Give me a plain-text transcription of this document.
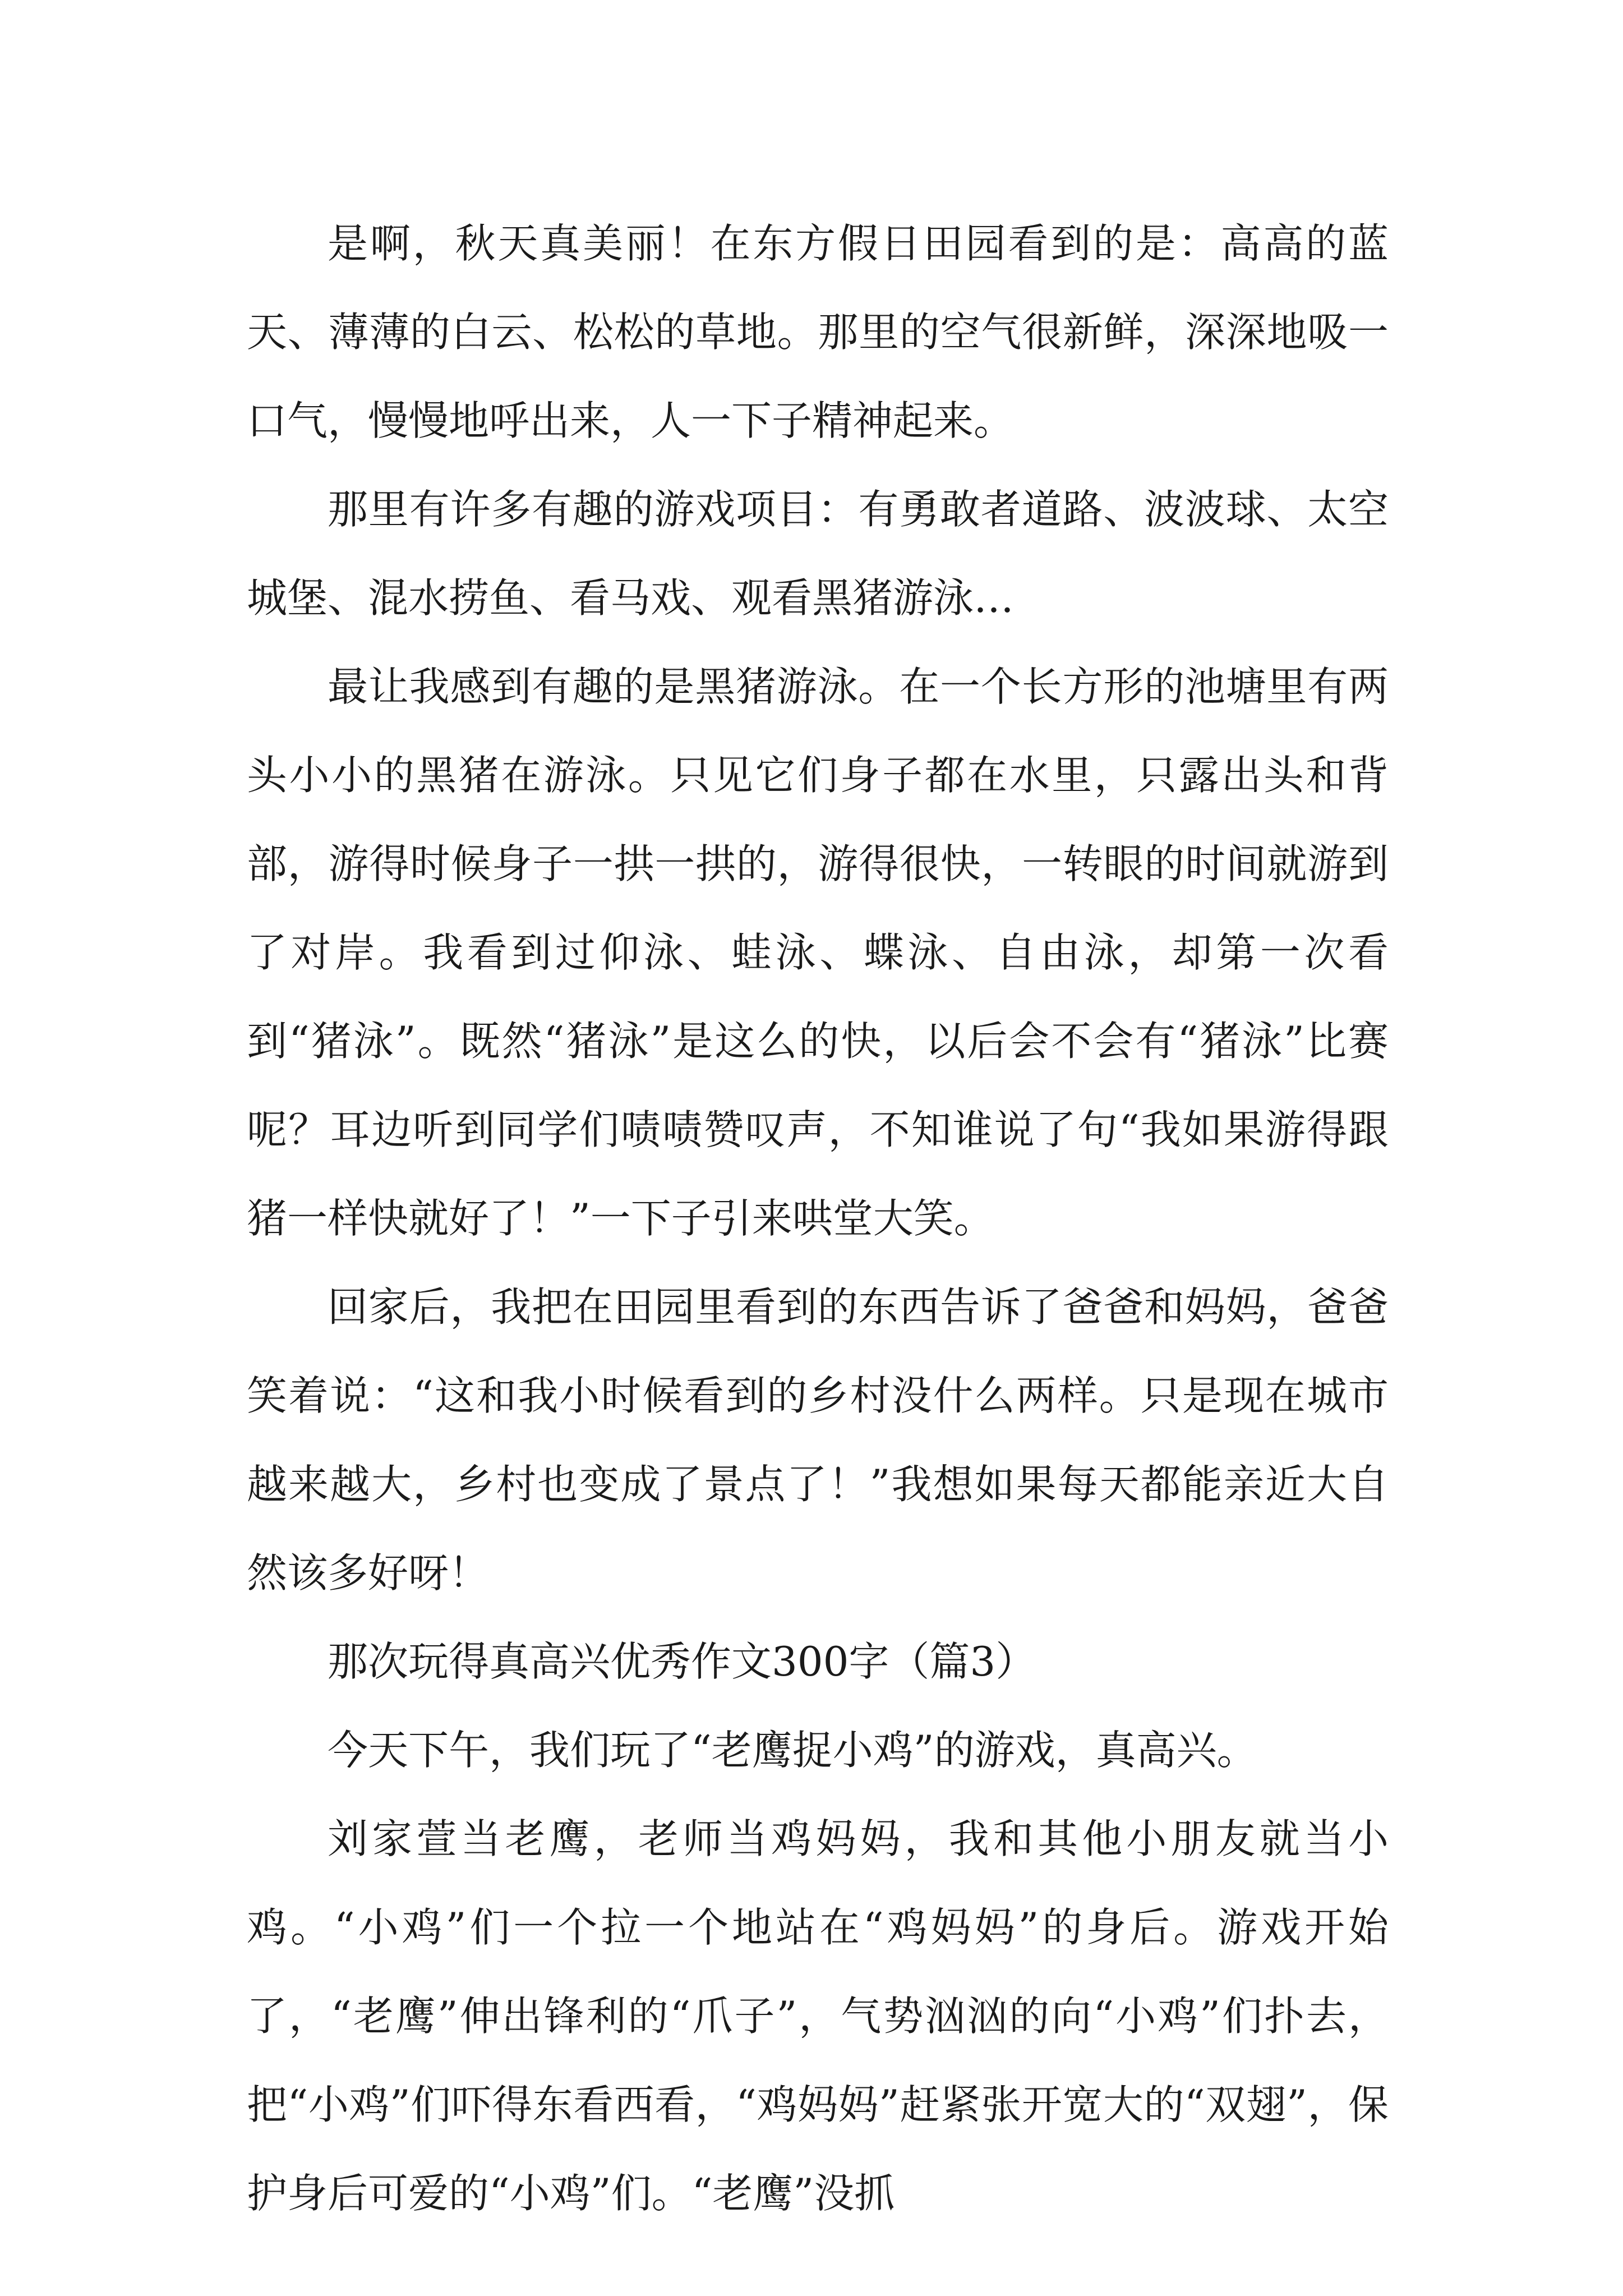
是啊，秋天真美丽！在东方假日田园看到的是：高高的蓝天、薄薄的白云、松松的草地。那里的空气很新鲜，深深地吸一口气，慢慢地呼出来，人一下子精神起来。

那里有许多有趣的游戏项目：有勇敢者道路、波波球、太空城堡、混水捞鱼、看马戏、观看黑猪游泳…

最让我感到有趣的是黑猪游泳。在一个长方形的池塘里有两头小小的黑猪在游泳。只见它们身子都在水里，只露出头和背部，游得时候身子一拱一拱的，游得很快，一转眼的时间就游到了对岸。我看到过仰泳、蛙泳、蝶泳、自由泳，却第一次看到“猪泳”。既然“猪泳”是这么的快，以后会不会有“猪泳”比赛呢？耳边听到同学们啧啧赞叹声，不知谁说了句“我如果游得跟猪一样快就好了！”一下子引来哄堂大笑。

回家后，我把在田园里看到的东西告诉了爸爸和妈妈，爸爸笑着说：“这和我小时候看到的乡村没什么两样。只是现在城市越来越大，乡村也变成了景点了！”我想如果每天都能亲近大自然该多好呀！

那次玩得真高兴优秀作文300字（篇3）

今天下午，我们玩了“老鹰捉小鸡”的游戏，真高兴。

刘家萱当老鹰，老师当鸡妈妈，我和其他小朋友就当小鸡。“小鸡”们一个拉一个地站在“鸡妈妈”的身后。游戏开始了，“老鹰”伸出锋利的“爪子”，气势汹汹的向“小鸡”们扑去，把“小鸡”们吓得东看西看，“鸡妈妈”赶紧张开宽大的“双翅”，保护身后可爱的“小鸡”们。“老鹰”没抓
